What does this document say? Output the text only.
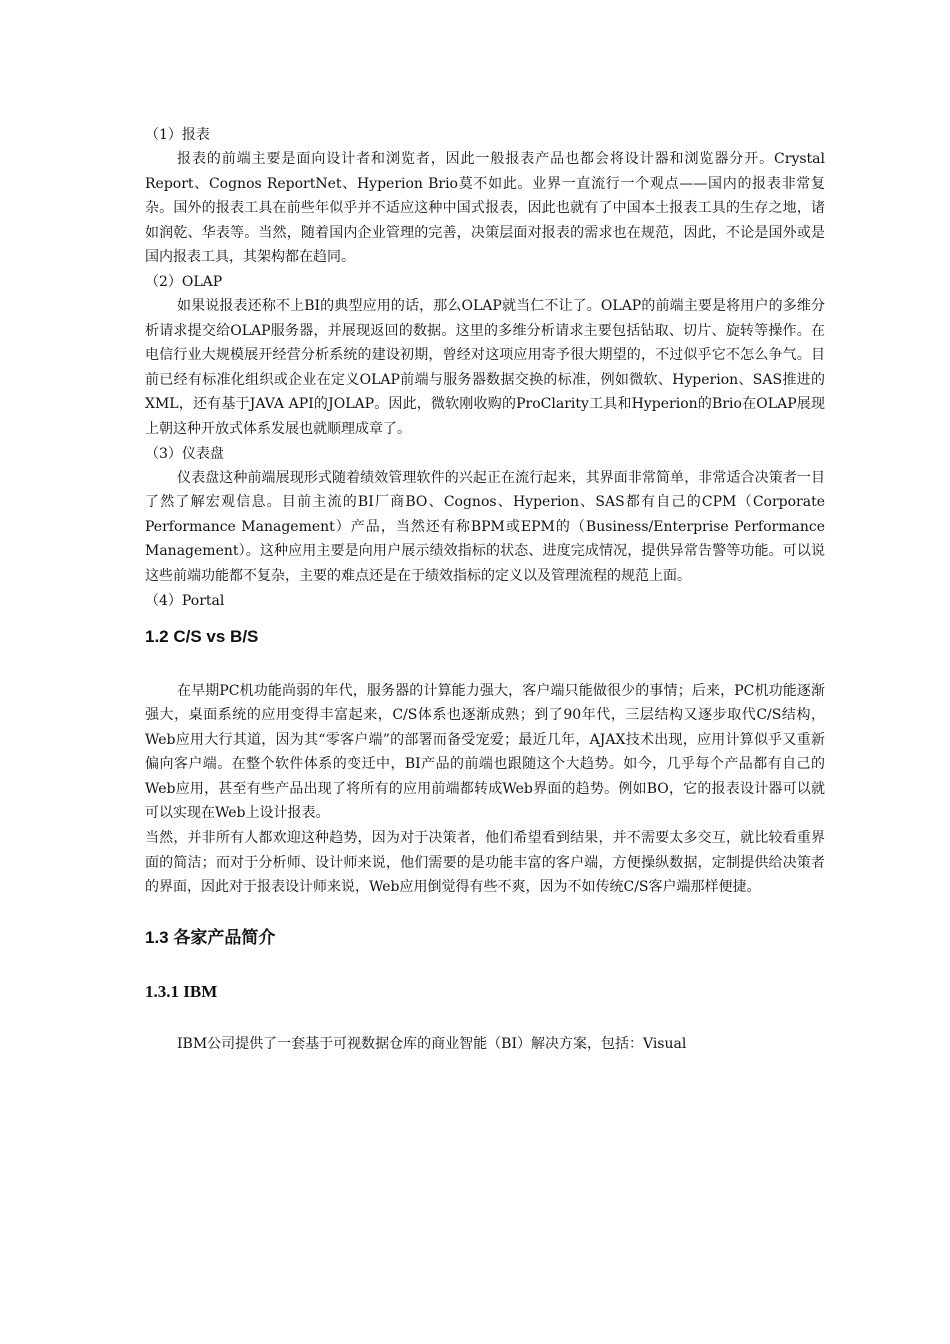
（1）报表

报表的前端主要是面向设计者和浏览者，因此一般报表产品也都会将设计器和浏览器分开。Crystal Report、Cognos ReportNet、Hyperion Brio莫不如此。业界一直流行一个观点——国内的报表非常复杂。国外的报表工具在前些年似乎并不适应这种中国式报表，因此也就有了中国本土报表工具的生存之地，诸如润乾、华表等。当然，随着国内企业管理的完善，决策层面对报表的需求也在规范，因此，不论是国外或是国内报表工具，其架构都在趋同。

（2）OLAP

如果说报表还称不上BI的典型应用的话，那么OLAP就当仁不让了。OLAP的前端主要是将用户的多维分析请求提交给OLAP服务器，并展现返回的数据。这里的多维分析请求主要包括钻取、切片、旋转等操作。在电信行业大规模展开经营分析系统的建设初期，曾经对这项应用寄予很大期望的，不过似乎它不怎么争气。目前已经有标准化组织或企业在定义OLAP前端与服务器数据交换的标准，例如微软、Hyperion、SAS推进的XML，还有基于JAVA API的JOLAP。因此，微软刚收购的ProClarity工具和Hyperion的Brio在OLAP展现上朝这种开放式体系发展也就顺理成章了。

（3）仪表盘

仪表盘这种前端展现形式随着绩效管理软件的兴起正在流行起来，其界面非常简单，非常适合决策者一目了然了解宏观信息。目前主流的BI厂商BO、Cognos、Hyperion、SAS都有自己的CPM（Corporate Performance Management）产品，当然还有称BPM或EPM的（Business/Enterprise Performance Management）。这种应用主要是向用户展示绩效指标的状态、进度完成情况，提供异常告警等功能。可以说这些前端功能都不复杂，主要的难点还是在于绩效指标的定义以及管理流程的规范上面。

（4）Portal

1.2 C/S vs B/S

在早期PC机功能尚弱的年代，服务器的计算能力强大，客户端只能做很少的事情；后来，PC机功能逐渐强大，桌面系统的应用变得丰富起来，C/S体系也逐渐成熟；到了90年代，三层结构又逐步取代C/S结构，Web应用大行其道，因为其“零客户端”的部署而备受宠爱；最近几年，AJAX技术出现，应用计算似乎又重新偏向客户端。在整个软件体系的变迁中，BI产品的前端也跟随这个大趋势。如今，几乎每个产品都有自己的Web应用，甚至有些产品出现了将所有的应用前端都转成Web界面的趋势。例如BO，它的报表设计器可以就可以实现在Web上设计报表。

当然，并非所有人都欢迎这种趋势，因为对于决策者，他们希望看到结果，并不需要太多交互，就比较看重界面的简洁；而对于分析师、设计师来说，他们需要的是功能丰富的客户端，方便操纵数据，定制提供给决策者的界面，因此对于报表设计师来说，Web应用倒觉得有些不爽，因为不如传统C/S客户端那样便捷。

1.3 各家产品简介
1.3.1 IBM

IBM公司提供了一套基于可视数据仓库的商业智能（BI）解决方案，包括：Visual
